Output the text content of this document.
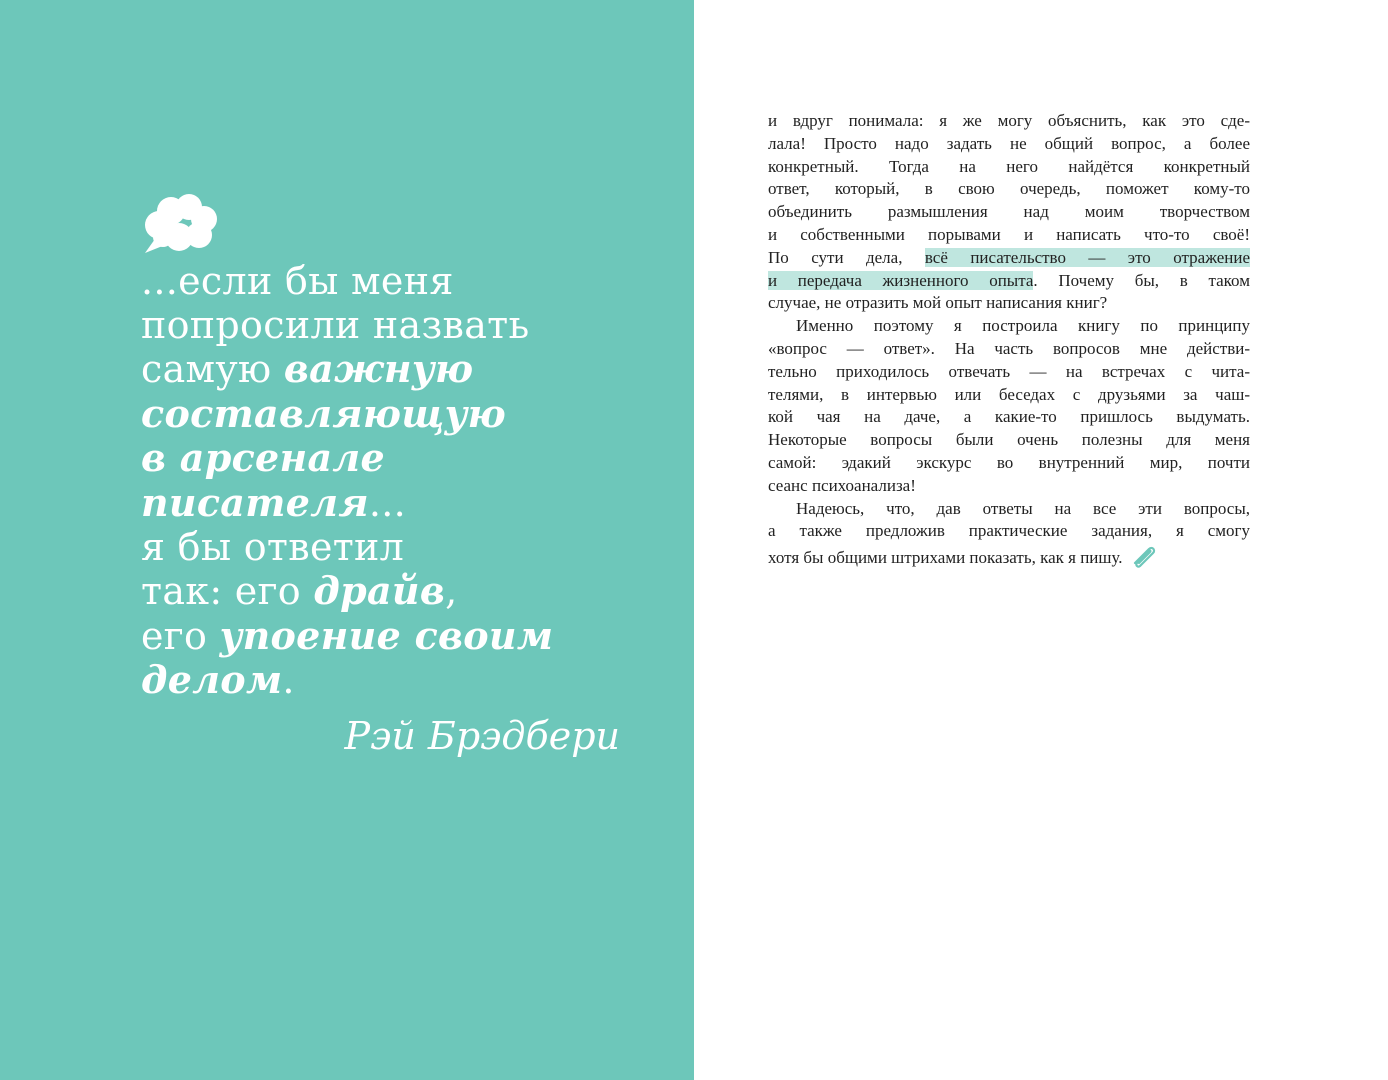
...если бы меня
попросили назвать
самую важную
составляющую
в арсенале
писателя...
я бы ответил
так: его драйв,
его упоение своим
делом.
Рэй Брэдбери
и вдруг понимала: я же могу объяснить, как это сде-
лала! Просто надо задать не общий вопрос, а более
конкретный. Тогда на него найдётся конкретный
ответ, который, в свою очередь, поможет кому-то
объединить размышления над моим творчеством
и собственными порывами и написать что-то своё!
По сути дела, всё писательство — это отражение
и передача жизненного опыта. Почему бы, в таком
случае, не отразить мой опыт написания книг?
Именно поэтому я построила книгу по принципу
«вопрос — ответ». На часть вопросов мне действи-
тельно приходилось отвечать — на встречах с чита-
телями, в интервью или беседах с друзьями за чаш-
кой чая на даче, а какие-то пришлось выдумать.
Некоторые вопросы были очень полезны для меня
самой: эдакий экскурс во внутренний мир, почти
сеанс психоанализа!
Надеюсь, что, дав ответы на все эти вопросы,
а также предложив практические задания, я смогу
хотя бы общими штрихами показать, как я пишу.
